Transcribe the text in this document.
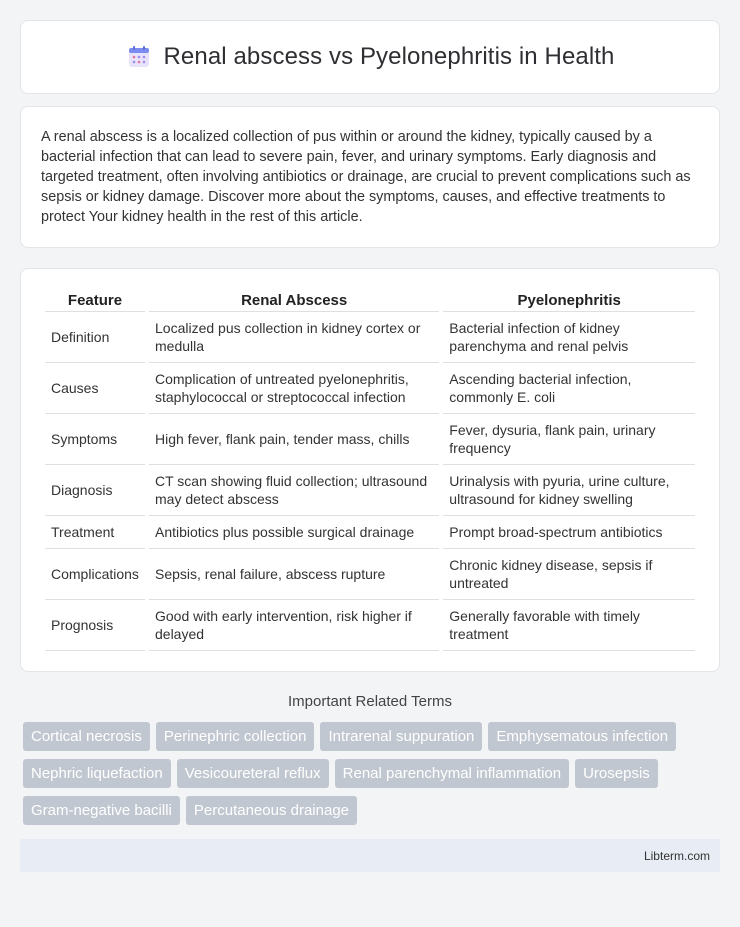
Renal abscess vs Pyelonephritis in Health

A renal abscess is a localized collection of pus within or around the kidney, typically caused by a bacterial infection that can lead to severe pain, fever, and urinary symptoms. Early diagnosis and targeted treatment, often involving antibiotics or drainage, are crucial to prevent complications such as sepsis or kidney damage. Discover more about the symptoms, causes, and effective treatments to protect Your kidney health in the rest of this article.

Feature	Renal Abscess	Pyelonephritis
Definition	Localized pus collection in kidney cortex or medulla	Bacterial infection of kidney parenchyma and renal pelvis
Causes	Complication of untreated pyelonephritis, staphylococcal or streptococcal infection	Ascending bacterial infection, commonly E. coli
Symptoms	High fever, flank pain, tender mass, chills	Fever, dysuria, flank pain, urinary frequency
Diagnosis	CT scan showing fluid collection; ultrasound may detect abscess	Urinalysis with pyuria, urine culture, ultrasound for kidney swelling
Treatment	Antibiotics plus possible surgical drainage	Prompt broad-spectrum antibiotics
Complications	Sepsis, renal failure, abscess rupture	Chronic kidney disease, sepsis if untreated
Prognosis	Good with early intervention, risk higher if delayed	Generally favorable with timely treatment
Important Related Terms
Cortical necrosis	Perinephric collection	Intrarenal suppuration	Emphysematous infection
Nephric liquefaction	Vesicoureteral reflux	Renal parenchymal inflammation	Urosepsis
Gram-negative bacilli	Percutaneous drainage
Libterm.com
